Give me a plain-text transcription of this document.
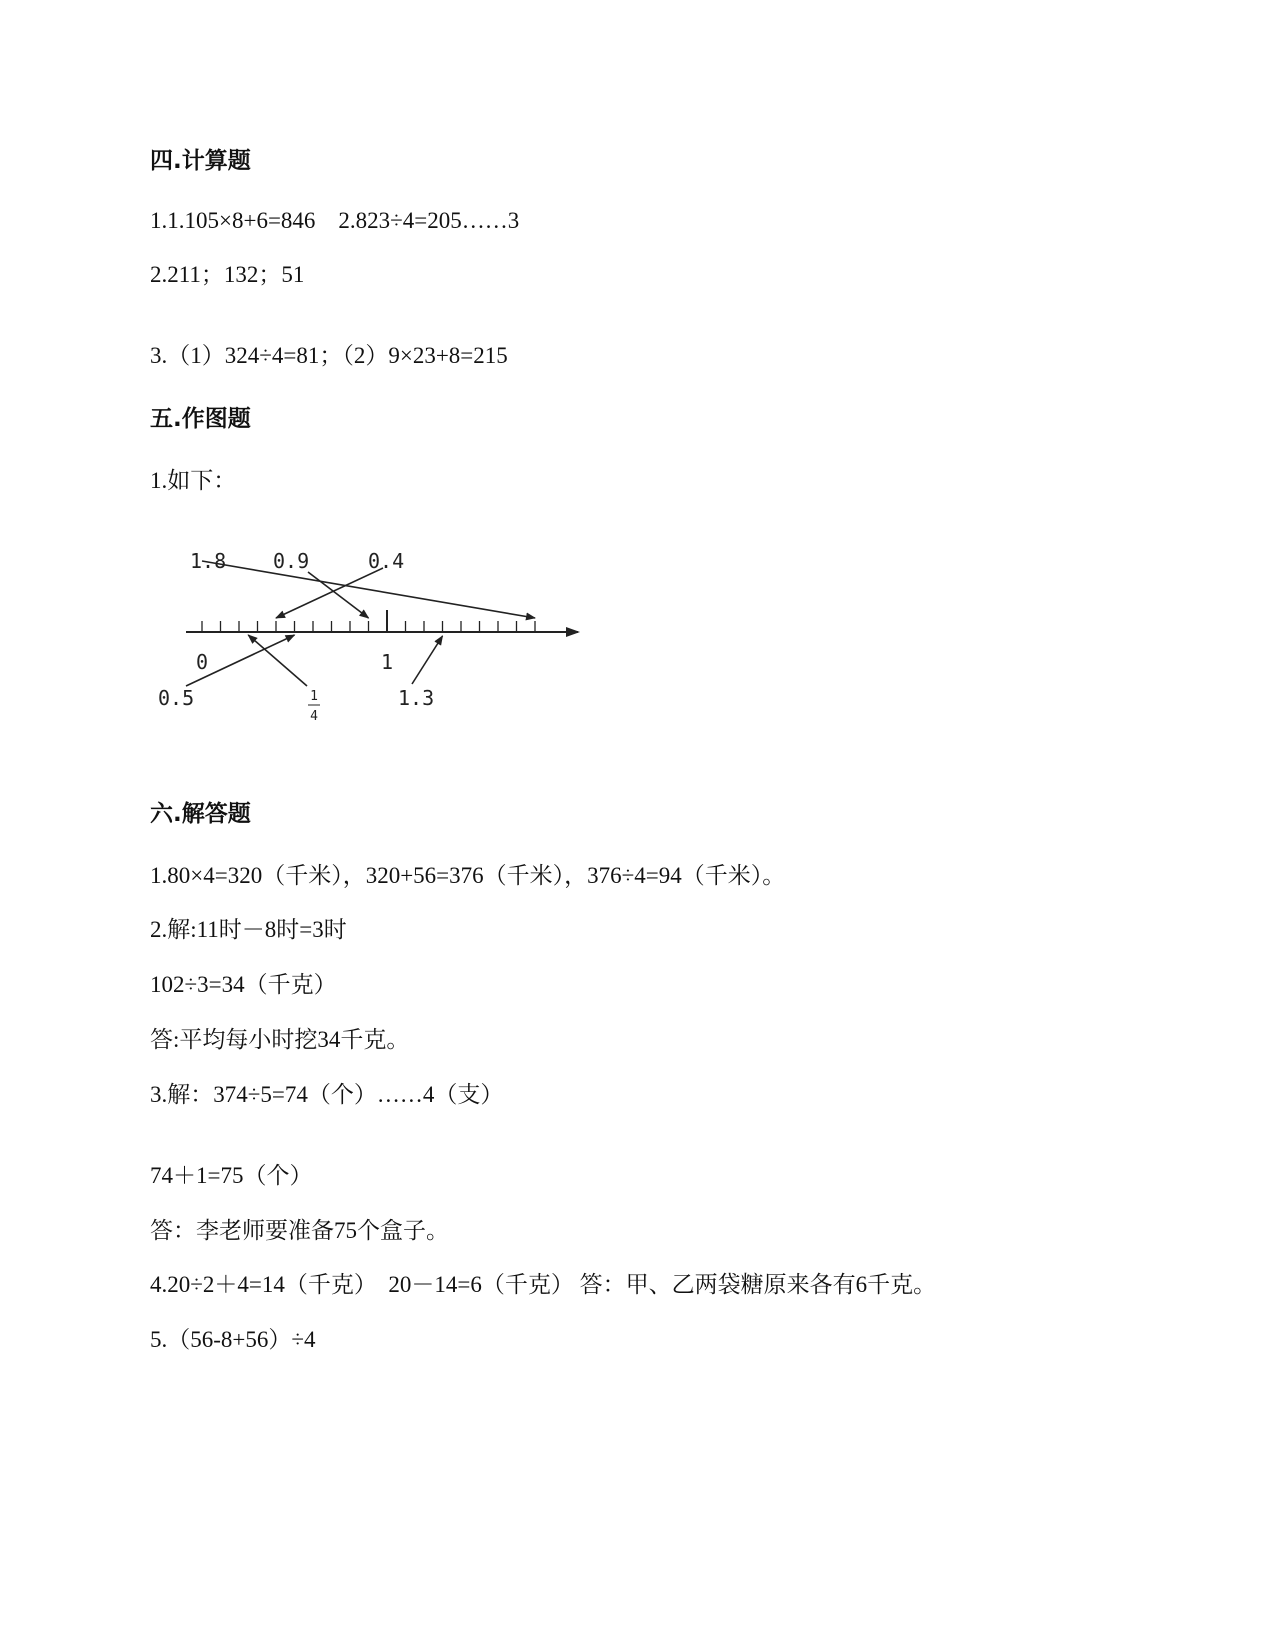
四.计算题
1.1.105×8+6=846　2.823÷4=205……3
2.211；132；51
3.（1）324÷4=81；（2）9×23+8=215
五.作图题
1.如下：
0	1
1.8 0.9	0.4
0.5	1.3
1
4
六.解答题
1.80×4=320（千米），320+56=376（千米），376÷4=94（千米）。
2.解:11时－8时=3时
102÷3=34（千克）
答:平均每小时挖34千克。
3.解：374÷5=74（个）……4（支）
74＋1=75（个）
答：李老师要准备75个盒子。
4.20÷2＋4=14（千克）　20－14=6（千克） 答：甲、乙两袋糖原来各有6千克。
5.（56-8+56）÷4
